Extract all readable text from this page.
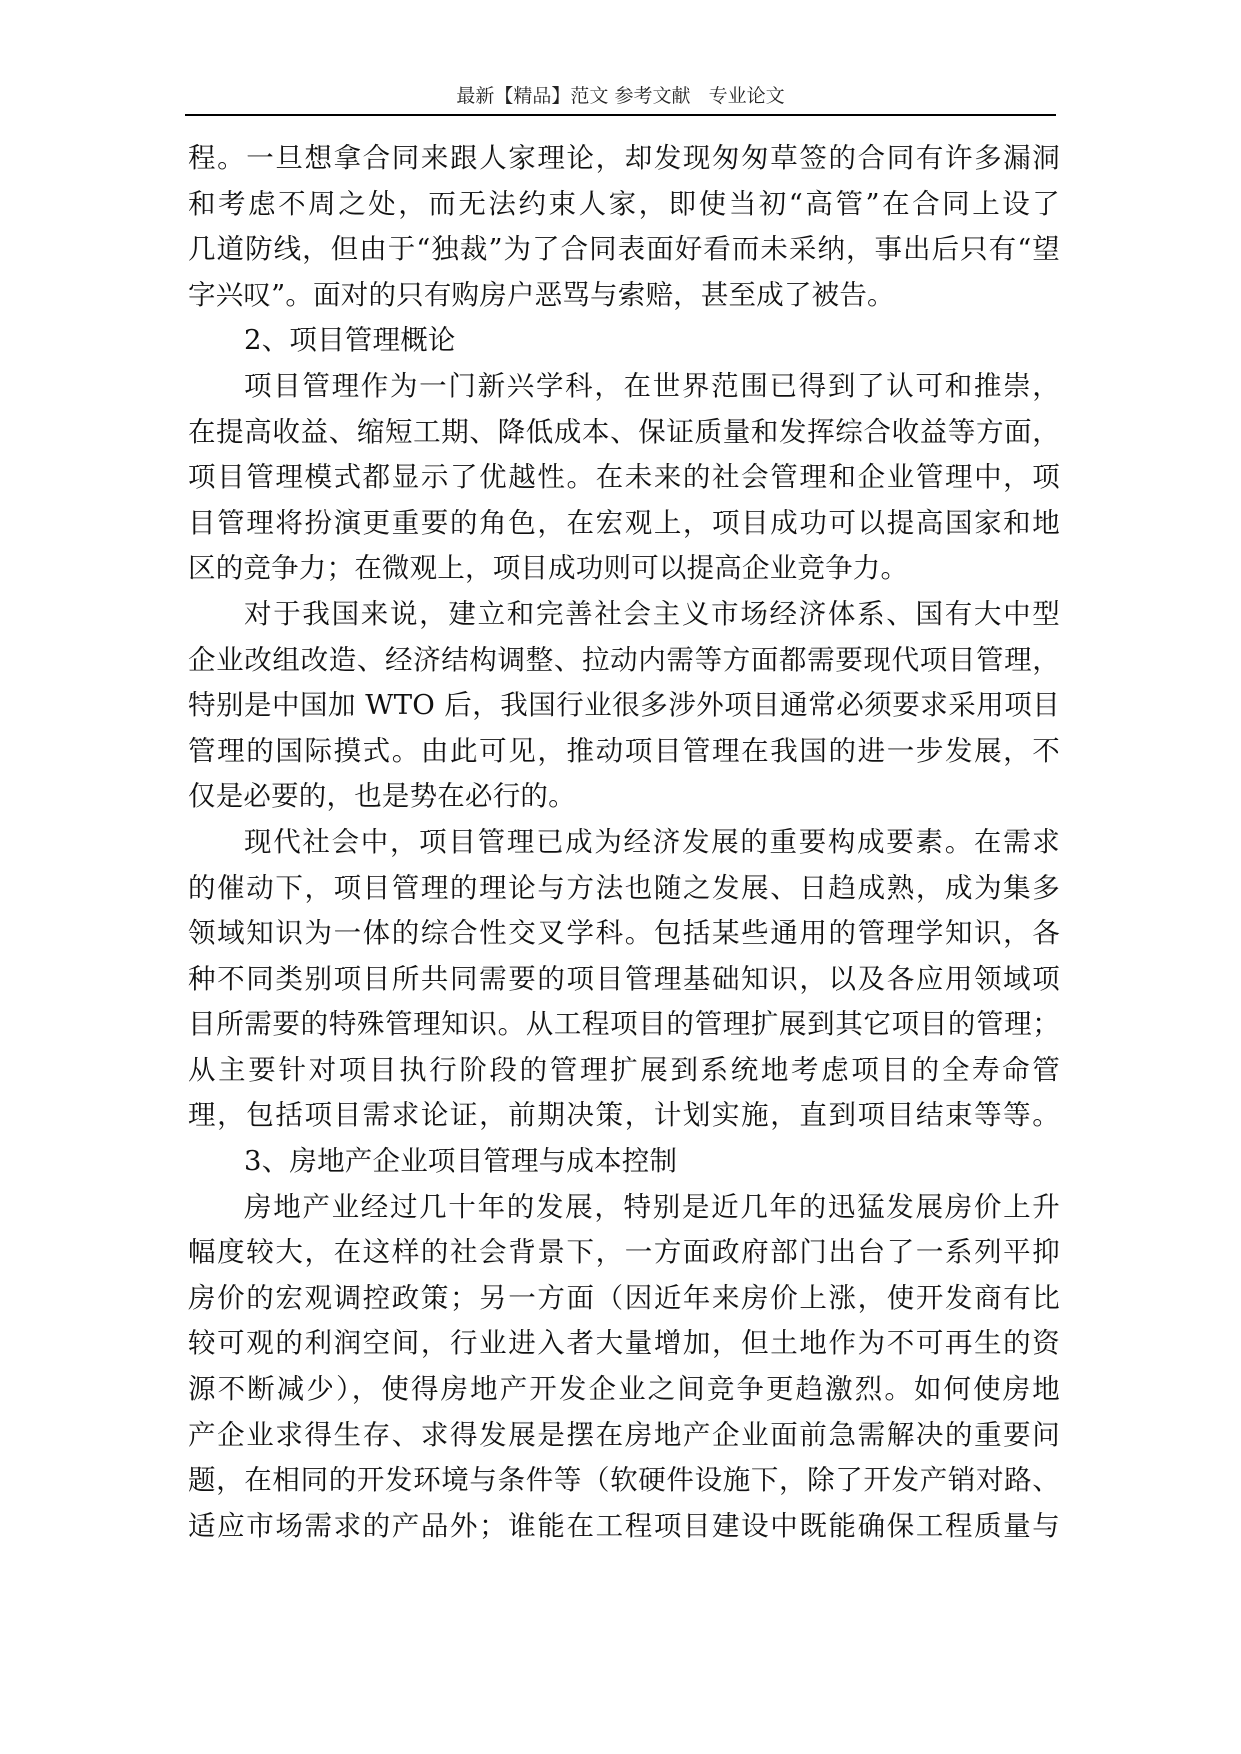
最新【精品】范文 参考文献   专业论文
程。一旦想拿合同来跟人家理论，却发现匆匆草签的合同有许多漏洞
和考虑不周之处，而无法约束人家，即使当初“高管”在合同上设了
几道防线，但由于“独裁”为了合同表面好看而未采纳，事出后只有“望
字兴叹”。面对的只有购房户恶骂与索赔，甚至成了被告。
2、项目管理概论
项目管理作为一门新兴学科，在世界范围已得到了认可和推崇，
在提高收益、缩短工期、降低成本、保证质量和发挥综合收益等方面，
项目管理模式都显示了优越性。在未来的社会管理和企业管理中，项
目管理将扮演更重要的角色，在宏观上，项目成功可以提高国家和地
区的竞争力；在微观上，项目成功则可以提高企业竞争力。
对于我国来说，建立和完善社会主义市场经济体系、国有大中型
企业改组改造、经济结构调整、拉动内需等方面都需要现代项目管理，
特别是中国加 WTO 后，我国行业很多涉外项目通常必须要求采用项目
管理的国际摸式。由此可见，推动项目管理在我国的进一步发展，不
仅是必要的，也是势在必行的。
现代社会中，项目管理已成为经济发展的重要构成要素。在需求
的催动下，项目管理的理论与方法也随之发展、日趋成熟，成为集多
领域知识为一体的综合性交叉学科。包括某些通用的管理学知识，各
种不同类别项目所共同需要的项目管理基础知识，以及各应用领域项
目所需要的特殊管理知识。从工程项目的管理扩展到其它项目的管理；
从主要针对项目执行阶段的管理扩展到系统地考虑项目的全寿命管
理，包括项目需求论证，前期决策，计划实施，直到项目结束等等。
3、房地产企业项目管理与成本控制
房地产业经过几十年的发展，特别是近几年的迅猛发展房价上升
幅度较大，在这样的社会背景下，一方面政府部门出台了一系列平抑
房价的宏观调控政策；另一方面（因近年来房价上涨，使开发商有比
较可观的利润空间，行业进入者大量增加，但土地作为不可再生的资
源不断减少），使得房地产开发企业之间竞争更趋激烈。如何使房地
产企业求得生存、求得发展是摆在房地产企业面前急需解决的重要问
题，在相同的开发环境与条件等（软硬件设施下，除了开发产销对路、
适应市场需求的产品外；谁能在工程项目建设中既能确保工程质量与
